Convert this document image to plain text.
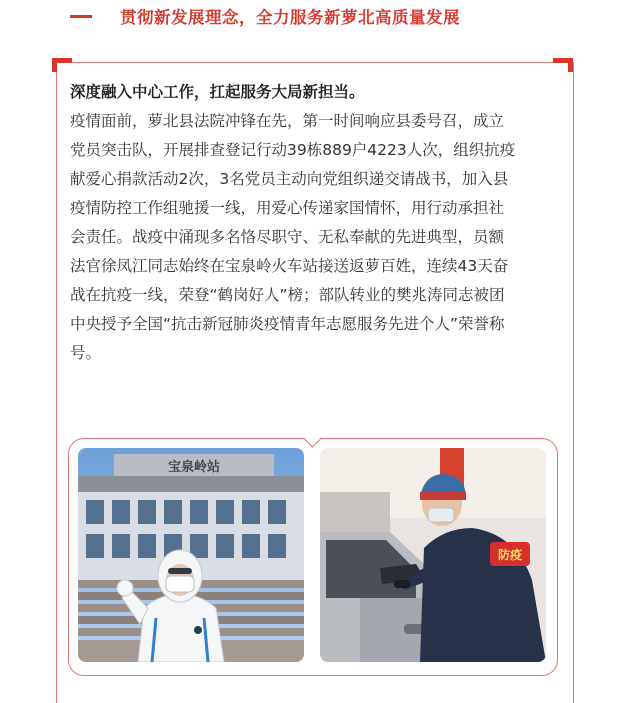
贯彻新发展理念，全力服务新萝北高质量发展
深度融入中心工作，扛起服务大局新担当。

疫情面前，萝北县法院冲锋在先，第一时间响应县委号召，成立
党员突击队，开展排查登记行动39栋889户4223人次，组织抗疫
献爱心捐款活动2次，3名党员主动向党组织递交请战书，加入县
疫情防控工作组驰援一线，用爱心传递家国情怀，用行动承担社
会责任。战疫中涌现多名恪尽职守、无私奉献的先进典型，员额
法官徐凤江同志始终在宝泉岭火车站接送返萝百姓，连续43天奋
战在抗疫一线，荣登“鹤岗好人”榜；部队转业的樊兆涛同志被团
中央授予全国“抗击新冠肺炎疫情青年志愿服务先进个人”荣誉称
号。

宝泉岭站
防疫
